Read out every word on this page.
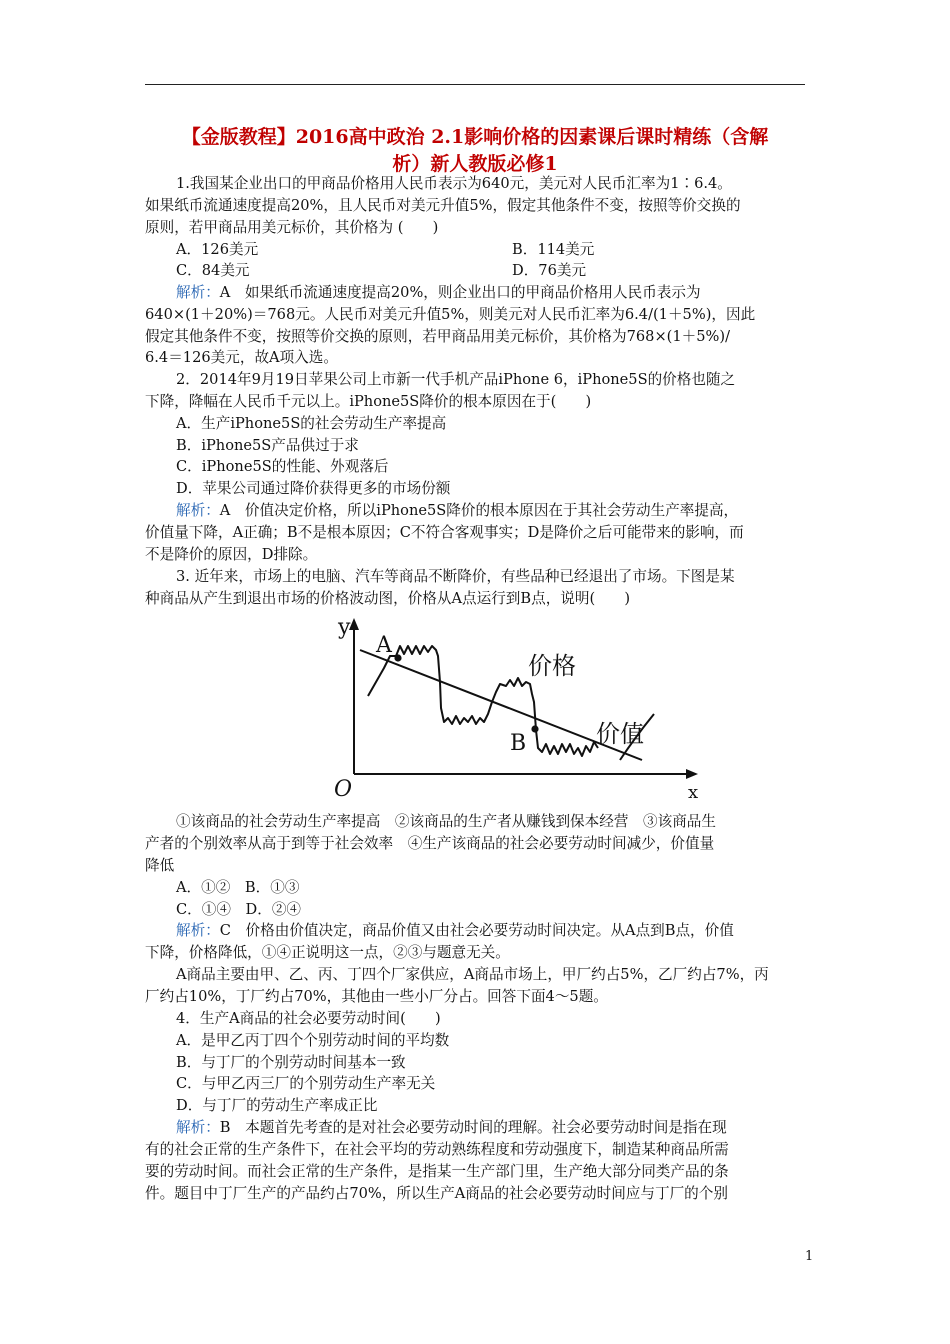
【金版教程】2016高中政治 2.1影响价格的因素课后课时精练（含解
析）新人教版必修1
1.我国某企业出口的甲商品价格用人民币表示为640元，美元对人民币汇率为1∶6.4。
如果纸币流通速度提高20%，且人民币对美元升值5%，假定其他条件不变，按照等价交换的
原则，若甲商品用美元标价，其价格为 (　　)
A．126美元	B．114美元
C．84美元	D．76美元
解析：A　如果纸币流通速度提高20%，则企业出口的甲商品价格用人民币表示为
640×(1＋20%)＝768元。人民币对美元升值5%，则美元对人民币汇率为6.4/(1＋5%)，因此
假定其他条件不变，按照等价交换的原则，若甲商品用美元标价，其价格为768×(1＋5%)/
6.4＝126美元，故A项入选。
2．2014年9月19日苹果公司上市新一代手机产品iPhone 6，iPhone5S的价格也随之
下降，降幅在人民币千元以上。iPhone5S降价的根本原因在于(　　)
A．生产iPhone5S的社会劳动生产率提高
B．iPhone5S产品供过于求
C．iPhone5S的性能、外观落后
D．苹果公司通过降价获得更多的市场份额
解析：A　价值决定价格，所以iPhone5S降价的根本原因在于其社会劳动生产率提高，
价值量下降，A正确；B不是根本原因；C不符合客观事实；D是降价之后可能带来的影响，而
不是降价的原因，D排除。
3. 近年来，市场上的电脑、汽车等商品不断降价，有些品种已经退出了市场。下图是某
种商品从产生到退出市场的价格波动图，价格从A点运行到B点，说明(　　)
y
x
O
A
B
价格
价值
①该商品的社会劳动生产率提高　②该商品的生产者从赚钱到保本经营　③该商品生
产者的个别效率从高于到等于社会效率　④生产该商品的社会必要劳动时间减少，价值量
降低
A．①②　B．①③
C．①④　D．②④
解析：C　价格由价值决定，商品价值又由社会必要劳动时间决定。从A点到B点，价值
下降，价格降低，①④正说明这一点，②③与题意无关。
A商品主要由甲、乙、丙、丁四个厂家供应，A商品市场上，甲厂约占5%，乙厂约占7%，丙
厂约占10%，丁厂约占70%，其他由一些小厂分占。回答下面4～5题。
4．生产A商品的社会必要劳动时间(　　)
A．是甲乙丙丁四个个别劳动时间的平均数
B．与丁厂的个别劳动时间基本一致
C．与甲乙丙三厂的个别劳动生产率无关
D．与丁厂的劳动生产率成正比
解析：B　本题首先考查的是对社会必要劳动时间的理解。社会必要劳动时间是指在现
有的社会正常的生产条件下，在社会平均的劳动熟练程度和劳动强度下，制造某种商品所需
要的劳动时间。而社会正常的生产条件，是指某一生产部门里，生产绝大部分同类产品的条
件。题目中丁厂生产的产品约占70%，所以生产A商品的社会必要劳动时间应与丁厂的个别
1
